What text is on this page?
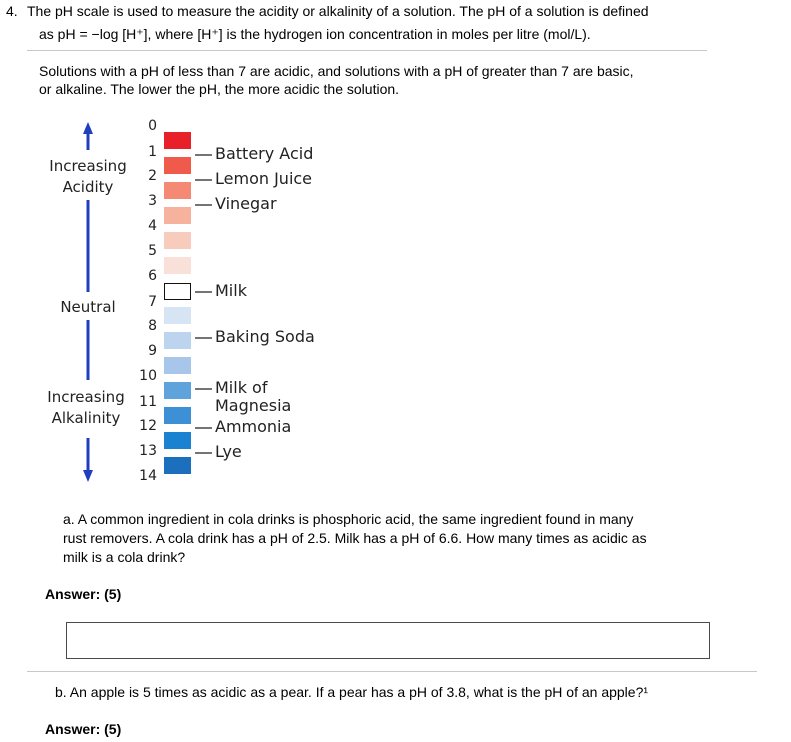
4. The pH scale is used to measure the acidity or alkalinity of a solution. The pH of a solution is defined
as pH = −log [H⁺], where [H⁺] is the hydrogen ion concentration in moles per litre (mol/L).
Solutions with a pH of less than 7 are acidic, and solutions with a pH of greater than 7 are basic,
or alkaline. The lower the pH, the more acidic the solution.
Increasing
Acidity
Neutral
Increasing
Alkalinity
0
1
2
3
4
5
6
7
8
9
10
11
12
13
14
Battery Acid
Lemon Juice
Vinegar
Milk
Baking Soda
Milk of
Magnesia
Ammonia
Lye
a. A common ingredient in cola drinks is phosphoric acid, the same ingredient found in many
rust removers. A cola drink has a pH of 2.5. Milk has a pH of 6.6. How many times as acidic as
milk is a cola drink?
Answer: (5)
b. An apple is 5 times as acidic as a pear. If a pear has a pH of 3.8, what is the pH of an apple?¹
Answer: (5)
